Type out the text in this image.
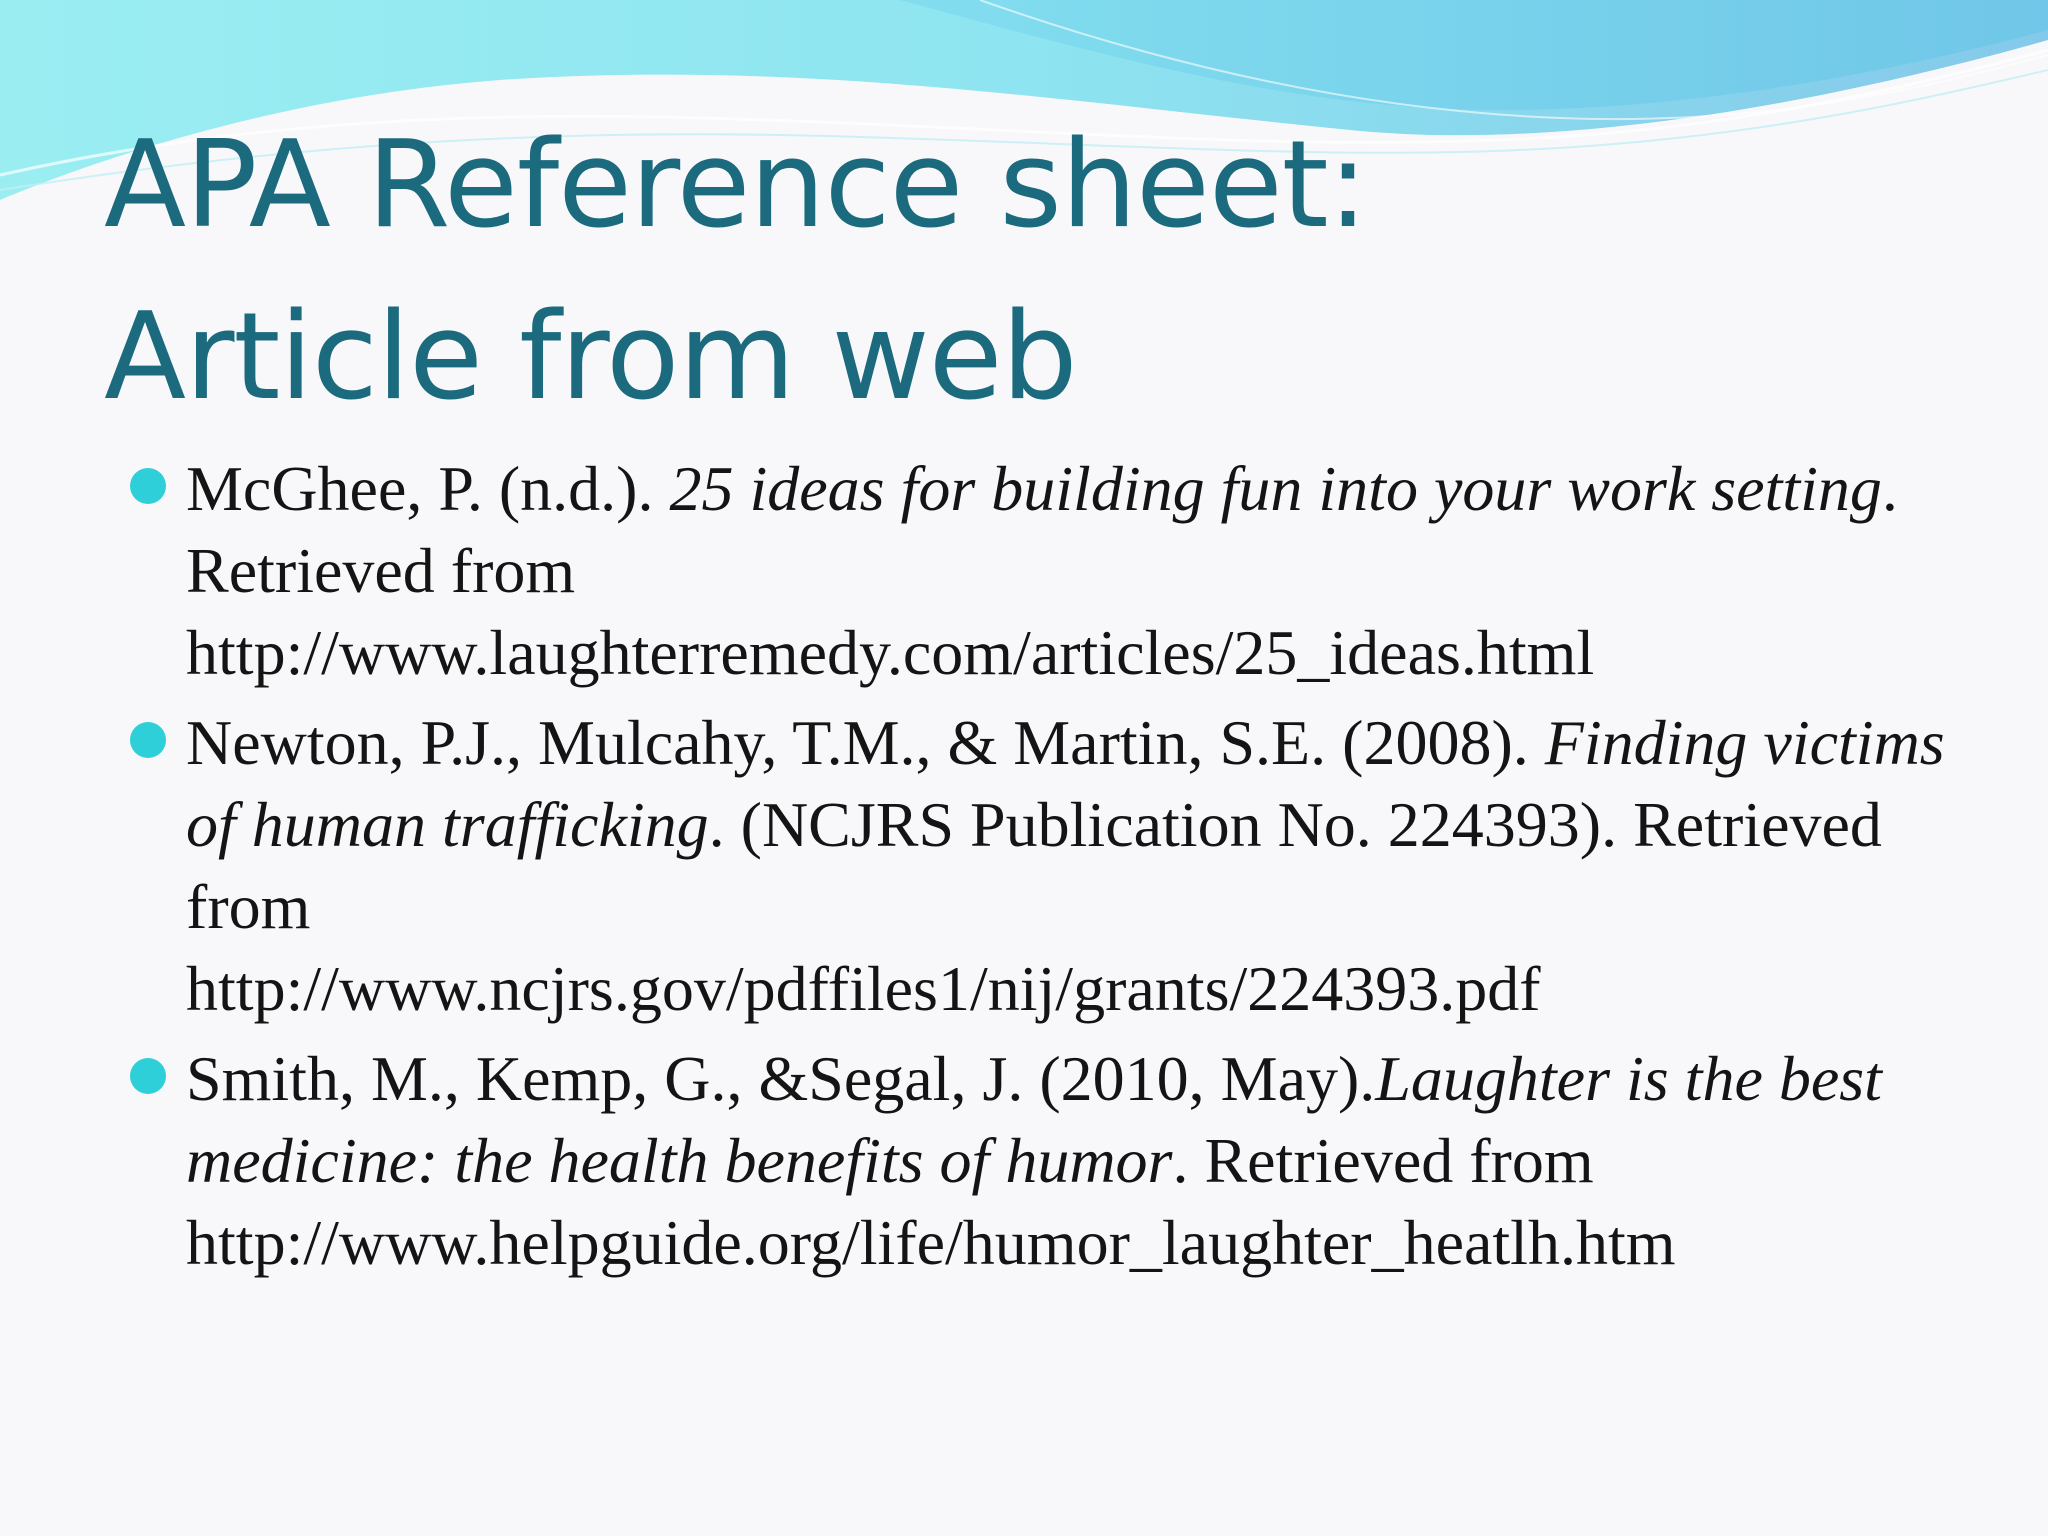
APA Reference sheet:
Article from web
McGhee, P. (n.d.). 25 ideas for building fun into your work setting. Retrieved from
http://www.laughterremedy.com/articles/25_ideas.html
Newton, P.J., Mulcahy, T.M., & Martin, S.E. (2008). Finding victims of human trafficking. (NCJRS Publication No. 224393). Retrieved from
http://www.ncjrs.gov/pdffiles1/nij/grants/224393.pdf
Smith, M., Kemp, G., &Segal, J. (2010, May).Laughter is the best medicine: the health benefits of humor. Retrieved from
http://www.helpguide.org/life/humor_laughter_heatlh.htm
